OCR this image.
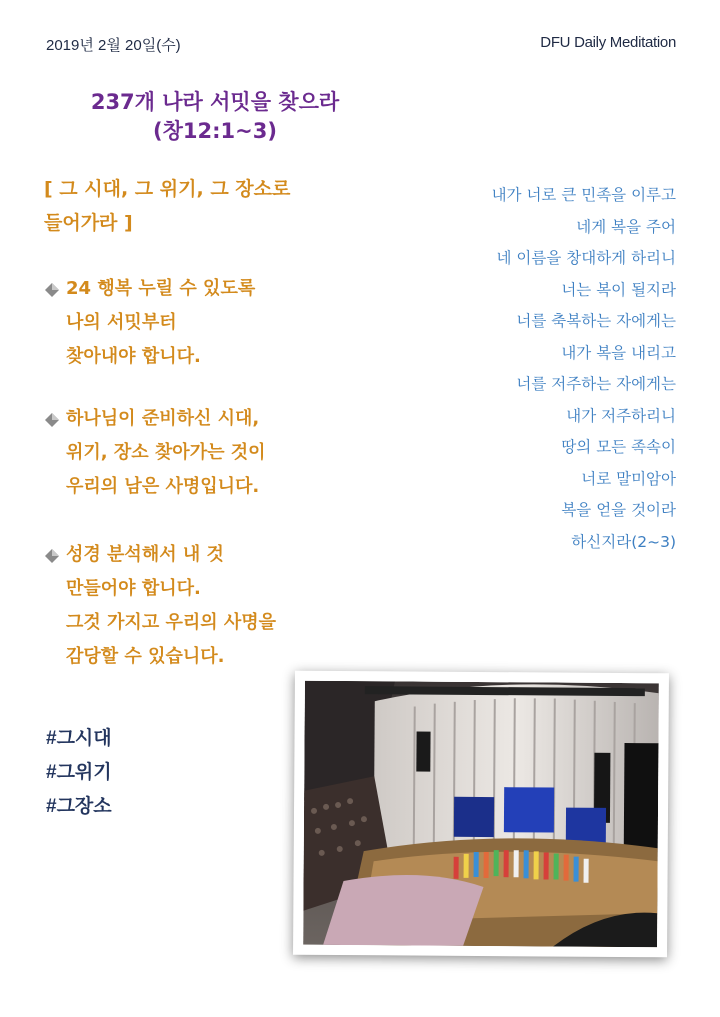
2019년 2월 20일(수)	DFU Daily Meditation
237개 나라 서밋을 찾으라
(창12:1~3)
[ 그 시대, 그 위기, 그 장소로
들어가라 ]
24 행복 누릴 수 있도록
나의 서밋부터
찾아내야 합니다.
하나님이 준비하신 시대,
위기, 장소 찾아가는 것이
우리의 남은 사명입니다.
성경 분석해서 내 것
만들어야 합니다.
그것 가지고 우리의 사명을
감당할 수 있습니다.
내가 너로 큰 민족을 이루고
네게 복을 주어
네 이름을 창대하게 하리니
너는 복이 될지라
너를 축복하는 자에게는
내가 복을 내리고
너를 저주하는 자에게는
내가 저주하리니
땅의 모든 족속이
너로 말미암아
복을 얻을 것이라
하신지라(2~3)
#그시대
#그위기
#그장소
